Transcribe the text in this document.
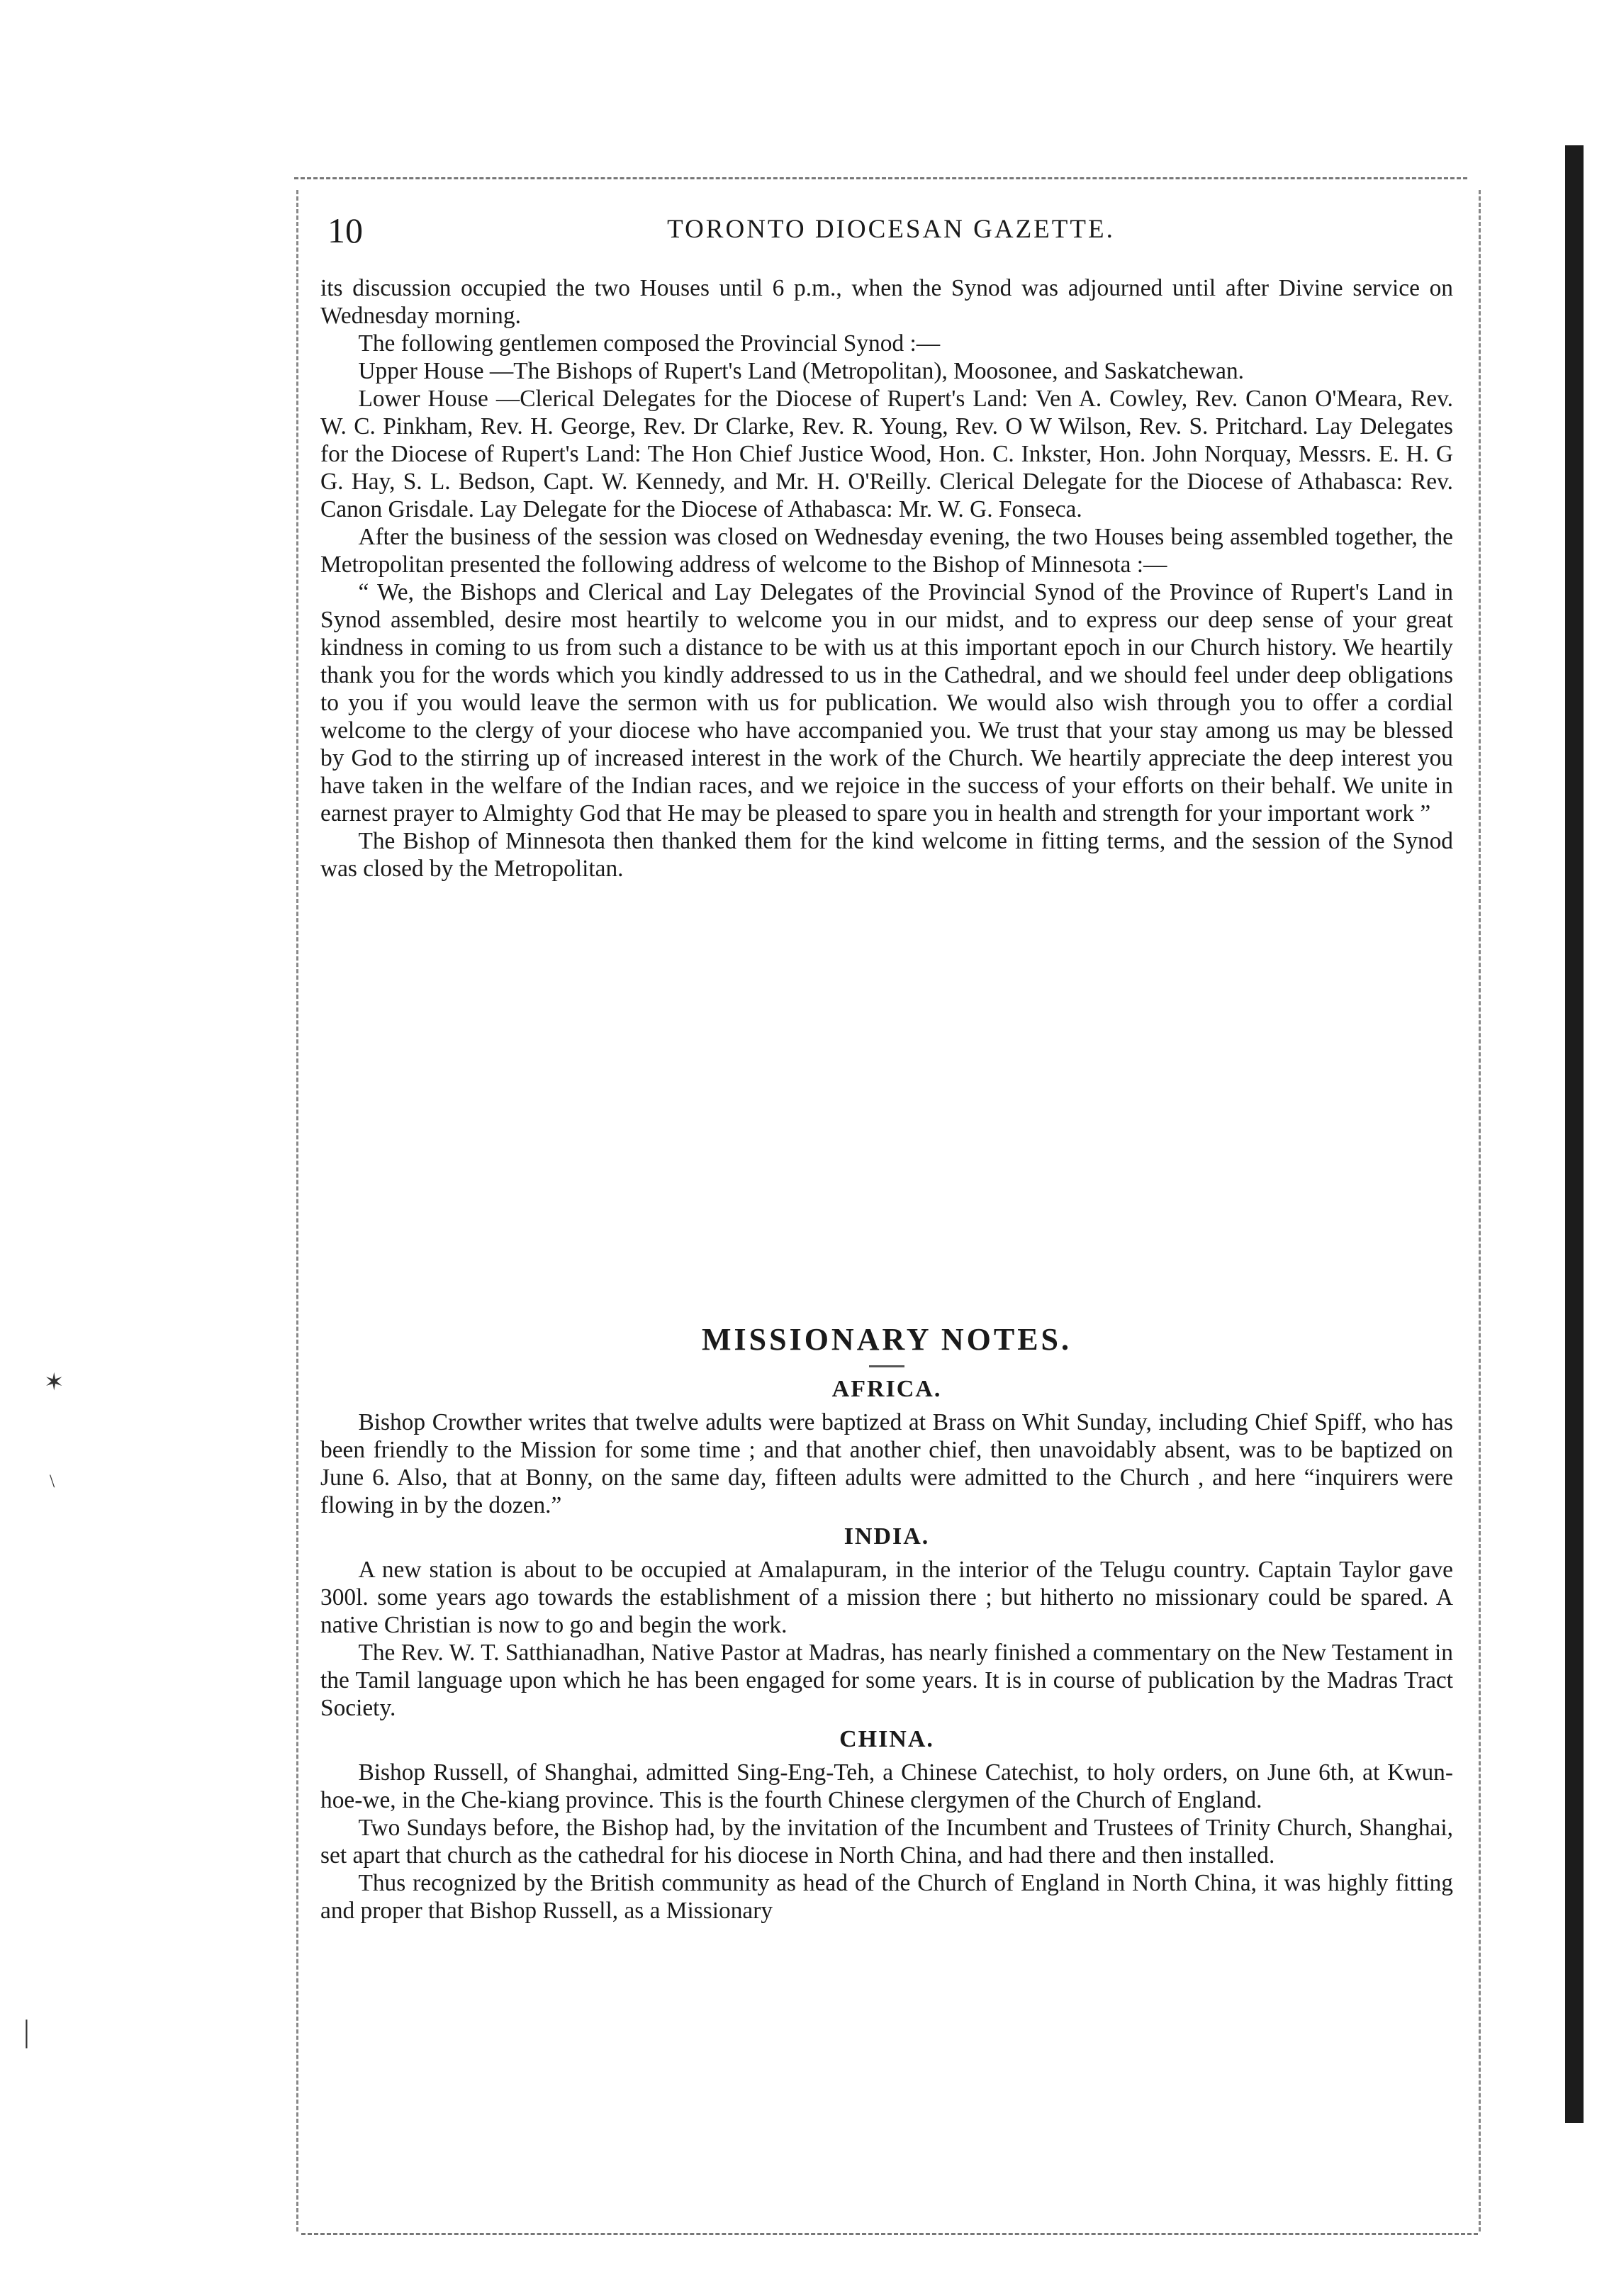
✶
\
|
10	TORONTO DIOCESAN GAZETTE.

its discussion occupied the two Houses until 6 p.m., when the Synod was adjourned until after Divine service on Wednesday morning.

The following gentlemen composed the Provincial Synod :—

Upper House —The Bishops of Rupert's Land (Metropolitan), Moosonee, and Saskatchewan.

Lower House —Clerical Delegates for the Diocese of Rupert's Land: Ven A. Cowley, Rev. Canon O'Meara, Rev. W. C. Pinkham, Rev. H. George, Rev. Dr Clarke, Rev. R. Young, Rev. O W Wilson, Rev. S. Pritchard. Lay Delegates for the Diocese of Rupert's Land: The Hon Chief Justice Wood, Hon. C. Inkster, Hon. John Norquay, Messrs. E. H. G G. Hay, S. L. Bedson, Capt. W. Kennedy, and Mr. H. O'Reilly. Clerical Delegate for the Diocese of Athabasca: Rev. Canon Grisdale. Lay Delegate for the Diocese of Athabasca: Mr. W. G. Fonseca.

After the business of the session was closed on Wednesday evening, the two Houses being assembled together, the Metropolitan presented the following address of welcome to the Bishop of Minnesota :—

“ We, the Bishops and Clerical and Lay Delegates of the Provincial Synod of the Province of Rupert's Land in Synod assembled, desire most heartily to welcome you in our midst, and to express our deep sense of your great kindness in coming to us from such a distance to be with us at this important epoch in our Church history. We heartily thank you for the words which you kindly addressed to us in the Cathedral, and we should feel under deep obligations to you if you would leave the sermon with us for publication. We would also wish through you to offer a cordial welcome to the clergy of your diocese who have accompanied you. We trust that your stay among us may be blessed by God to the stirring up of increased interest in the work of the Church. We heartily appreciate the deep interest you have taken in the welfare of the Indian races, and we rejoice in the success of your efforts on their behalf. We unite in earnest prayer to Almighty God that He may be pleased to spare you in health and strength for your important work ”

The Bishop of Minnesota then thanked them for the kind welcome in fitting terms, and the session of the Synod was closed by the Metropolitan.

MISSIONARY NOTES.
AFRICA.

Bishop Crowther writes that twelve adults were baptized at Brass on Whit Sunday, including Chief Spiff, who has been friendly to the Mission for some time ; and that another chief, then unavoidably absent, was to be baptized on June 6. Also, that at Bonny, on the same day, fifteen adults were admitted to the Church , and here “inquirers were flowing in by the dozen.”

INDIA.

A new station is about to be occupied at Amalapuram, in the interior of the Telugu country. Captain Taylor gave 300l. some years ago towards the establishment of a mission there ; but hitherto no missionary could be spared. A native Christian is now to go and begin the work.

The Rev. W. T. Satthianadhan, Native Pastor at Madras, has nearly finished a commentary on the New Testament in the Tamil language upon which he has been engaged for some years. It is in course of publication by the Madras Tract Society.

CHINA.

Bishop Russell, of Shanghai, admitted Sing-Eng-Teh, a Chinese Catechist, to holy orders, on June 6th, at Kwun-hoe-we, in the Che-kiang province. This is the fourth Chinese clergymen of the Church of England.

Two Sundays before, the Bishop had, by the invitation of the Incumbent and Trustees of Trinity Church, Shanghai, set apart that church as the cathedral for his diocese in North China, and had there and then installed.

Thus recognized by the British community as head of the Church of England in North China, it was highly fitting and proper that Bishop Russell, as a Missionary
